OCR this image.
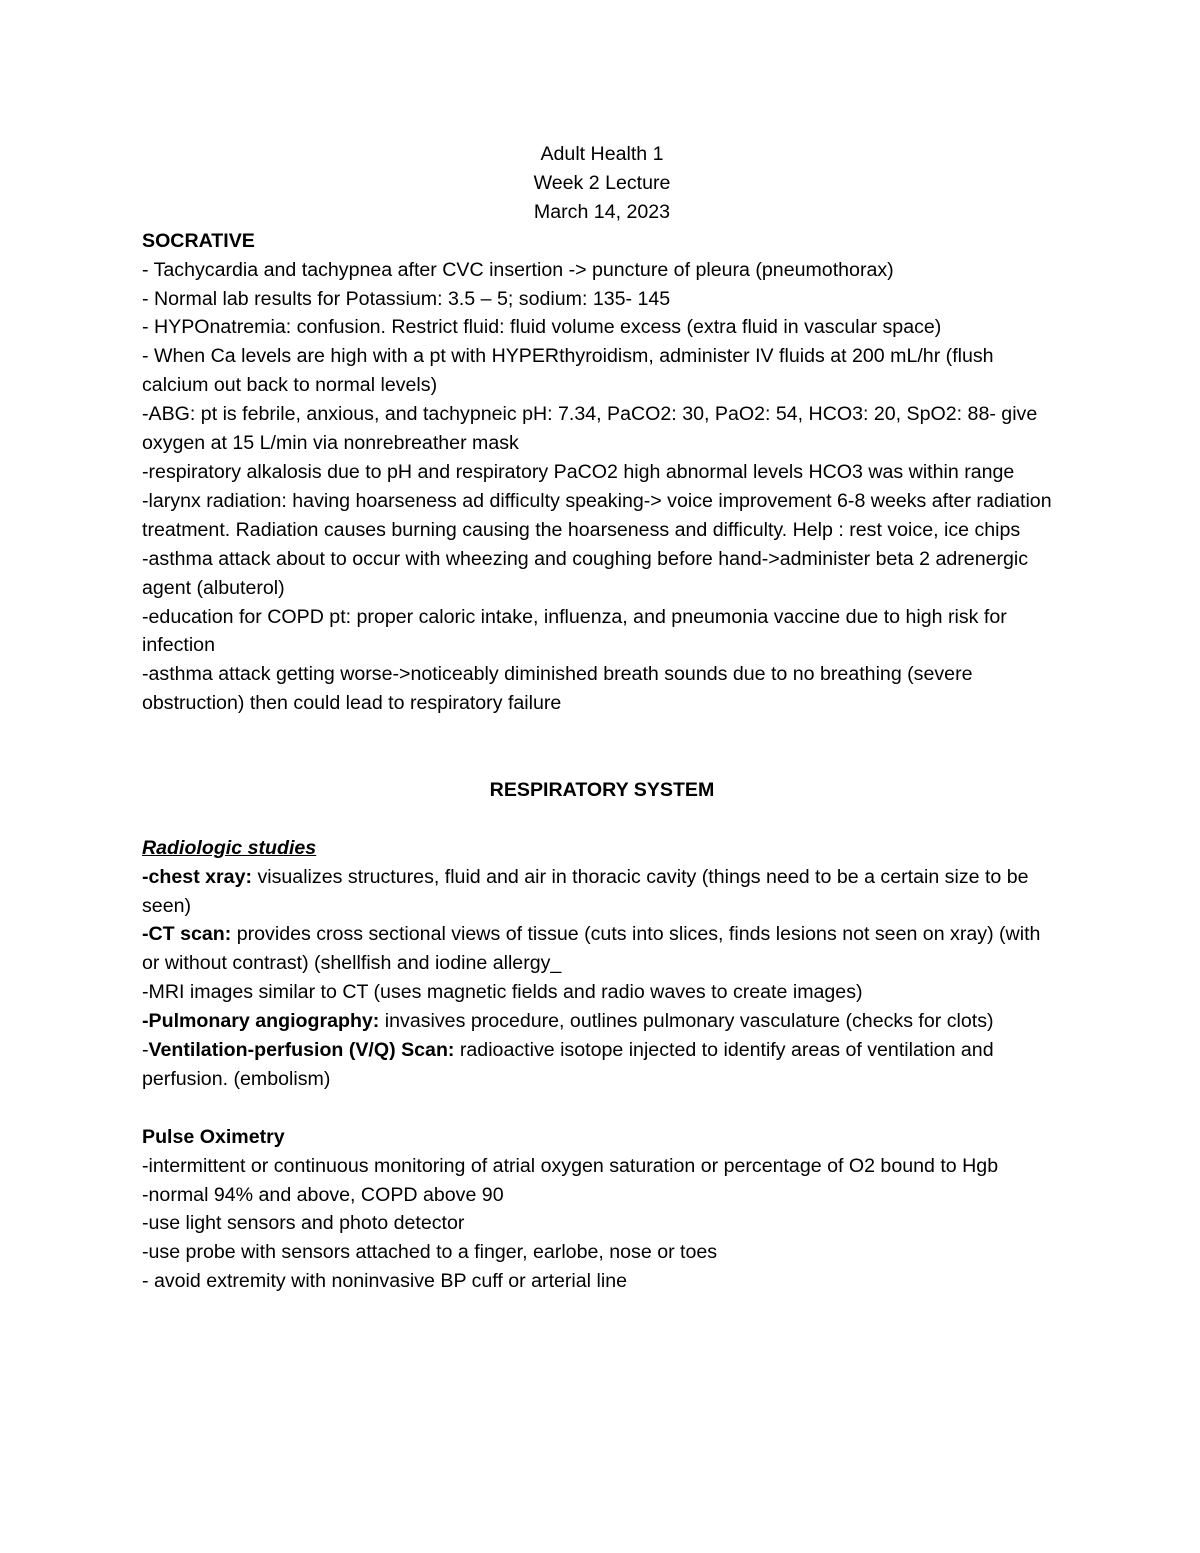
Adult Health 1

Week 2 Lecture

March 14, 2023

SOCRATIVE

- Tachycardia and tachypnea after CVC insertion -> puncture of pleura (pneumothorax)

- Normal lab results for Potassium: 3.5 – 5; sodium: 135- 145

- HYPOnatremia: confusion. Restrict fluid: fluid volume excess (extra fluid in vascular space)

- When Ca levels are high with a pt with HYPERthyroidism, administer IV fluids at 200 mL/hr (flush calcium out back to normal levels)

-ABG: pt is febrile, anxious, and tachypneic pH: 7.34, PaCO2: 30, PaO2: 54, HCO3: 20, SpO2: 88- give oxygen at 15 L/min via nonrebreather mask

-respiratory alkalosis due to pH and respiratory PaCO2 high abnormal levels HCO3 was within range

-larynx radiation: having hoarseness ad difficulty speaking-> voice improvement 6-8 weeks after radiation treatment. Radiation causes burning causing the hoarseness and difficulty. Help : rest voice, ice chips

-asthma attack about to occur with wheezing and coughing before hand->administer beta 2 adrenergic agent (albuterol)

-education for COPD pt: proper caloric intake, influenza, and pneumonia vaccine due to high risk for infection

-asthma attack getting worse->noticeably diminished breath sounds due to no breathing (severe obstruction) then could lead to respiratory failure

RESPIRATORY SYSTEM

Radiologic studies

-chest xray: visualizes structures, fluid and air in thoracic cavity (things need to be a certain size to be seen)

-CT scan: provides cross sectional views of tissue (cuts into slices, finds lesions not seen on xray) (with or without contrast) (shellfish and iodine allergy_

-MRI images similar to CT (uses magnetic fields and radio waves to create images)

-Pulmonary angiography: invasives procedure, outlines pulmonary vasculature (checks for clots)

-Ventilation-perfusion (V/Q) Scan: radioactive isotope injected to identify areas of ventilation and perfusion. (embolism)

Pulse Oximetry

-intermittent or continuous monitoring of atrial oxygen saturation or percentage of O2 bound to Hgb

-normal 94% and above, COPD above 90

-use light sensors and photo detector

-use probe with sensors attached to a finger, earlobe, nose or toes

- avoid extremity with noninvasive BP cuff or arterial line
